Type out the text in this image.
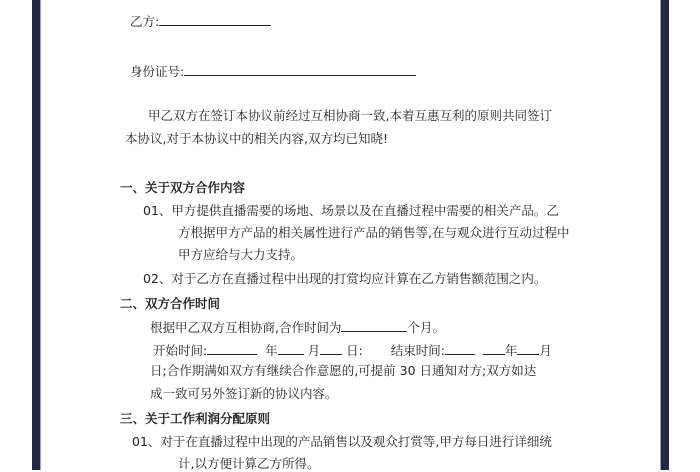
乙方:
身份证号:
甲乙双方在签订本协议前经过互相协商一致,本着互惠互利的原则共同签订
本协议,对于本协议中的相关内容,双方均已知晓!
一、关于双方合作内容
01、甲方提供直播需要的场地、场景以及在直播过程中需要的相关产品。乙
方根据甲方产品的相关属性进行产品的销售等,在与观众进行互动过程中
甲方应给与大力支持。
02、对于乙方在直播过程中出现的打赏均应计算在乙方销售额范围之内。
二、双方合作时间
根据甲乙双方互相协商,合作时间为	个月。
开始时间:	年 月 日: 结束时间:	年 月
日;合作期满如双方有继续合作意愿的,可提前 30 日通知对方;双方如达
成一致可另外签订新的协议内容。
三、关于工作利润分配原则
01、对于在直播过程中出现的产品销售以及观众打赏等,甲方每日进行详细统
计,以方便计算乙方所得。
